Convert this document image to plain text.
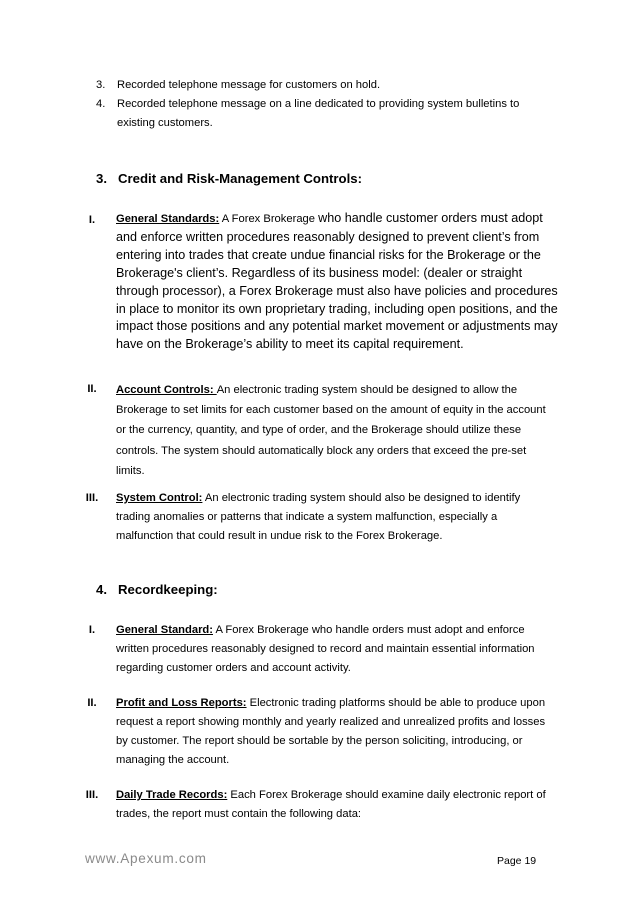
3.	Recorded telephone message for customers on hold.
4.	Recorded telephone message on a line dedicated to providing system bulletins to existing customers.
3. Credit and Risk-Management Controls:
I.	General Standards: A Forex Brokerage who handle customer orders must adopt and enforce written procedures reasonably designed to prevent client’s from entering into trades that create undue financial risks for the Brokerage or the Brokerage's client’s. Regardless of its business model: (dealer or straight through processor), a Forex Brokerage must also have policies and procedures in place to monitor its own proprietary trading, including open positions, and the impact those positions and any potential market movement or adjustments may have on the Brokerage’s ability to meet its capital requirement.
II.	Account Controls: An electronic trading system should be designed to allow the Brokerage to set limits for each customer based on the amount of equity in the account or the currency, quantity, and type of order, and the Brokerage should utilize these controls. The system should automatically block any orders that exceed the pre-set limits.
III.	System Control: An electronic trading system should also be designed to identify trading anomalies or patterns that indicate a system malfunction, especially a malfunction that could result in undue risk to the Forex Brokerage.
4. Recordkeeping:
I.	General Standard: A Forex Brokerage who handle orders must adopt and enforce written procedures reasonably designed to record and maintain essential information regarding customer orders and account activity.
II.	Profit and Loss Reports: Electronic trading platforms should be able to produce upon request a report showing monthly and yearly realized and unrealized profits and losses by customer. The report should be sortable by the person soliciting, introducing, or managing the account.
III.	Daily Trade Records: Each Forex Brokerage should examine daily electronic report of trades, the report must contain the following data:
www.Apexum.com	Page 19
